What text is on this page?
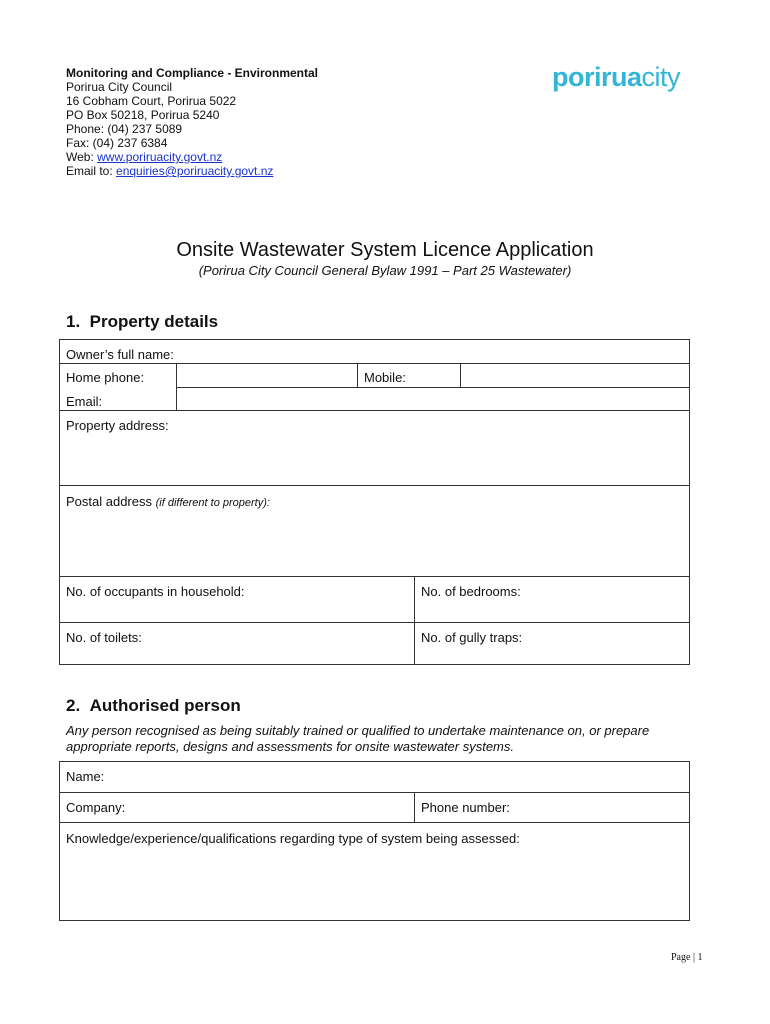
Monitoring and Compliance - Environmental
Porirua City Council
16 Cobham Court, Porirua 5022
PO Box 50218, Porirua 5240
Phone: (04) 237 5089
Fax: (04) 237 6384
Web: www.poriruacity.govt.nz
Email to: enquiries@poriruacity.govt.nz
poriruacity
Onsite Wastewater System Licence Application
(Porirua City Council General Bylaw 1991 – Part 25 Wastewater)
1.  Property details
Owner’s full name:
Home phone:	Mobile:
Email:
Property address:
Postal address (if different to property):
No. of occupants in household:	No. of bedrooms:
No. of toilets:	No. of gully traps:
2.  Authorised person
Any person recognised as being suitably trained or qualified to undertake maintenance on, or prepare appropriate reports, designs and assessments for onsite wastewater systems.
Name:
Company:	Phone number:
Knowledge/experience/qualifications regarding type of system being assessed:
Page | 1
